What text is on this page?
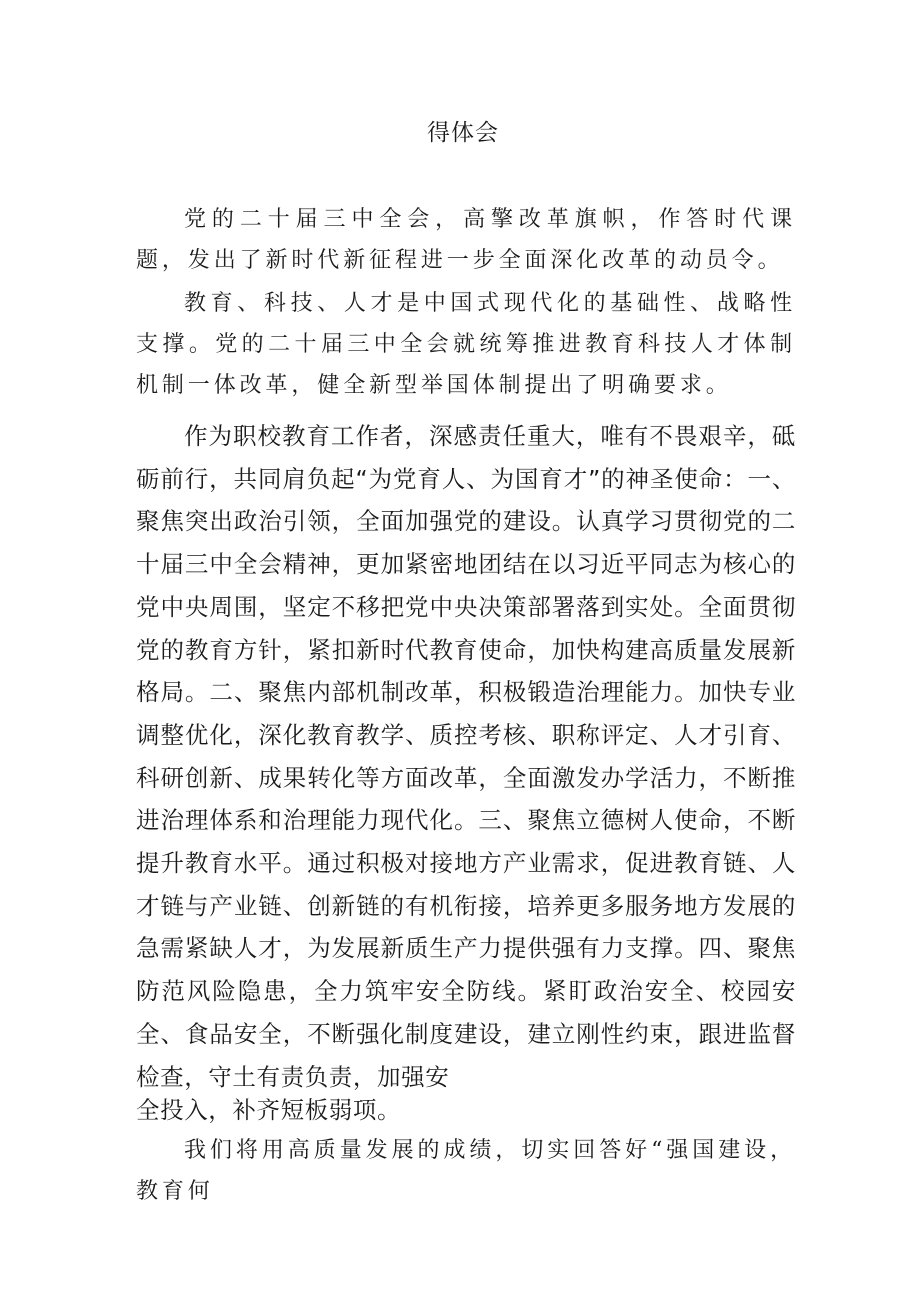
得体会

党的二十届三中全会，高擎改革旗帜，作答时代课题，发出了新时代新征程进一步全面深化改革的动员令。

教育、科技、人才是中国式现代化的基础性、战略性支撑。党的二十届三中全会就统筹推进教育科技人才体制机制一体改革，健全新型举国体制提出了明确要求。

作为职校教育工作者，深感责任重大，唯有不畏艰辛，砥砺前行，共同肩负起“为党育人、为国育才”的神圣使命：一、聚焦突出政治引领，全面加强党的建设。认真学习贯彻党的二十届三中全会精神，更加紧密地团结在以习近平同志为核心的党中央周围，坚定不移把党中央决策部署落到实处。全面贯彻党的教育方针，紧扣新时代教育使命，加快构建高质量发展新格局。二、聚焦内部机制改革，积极锻造治理能力。加快专业调整优化，深化教育教学、质控考核、职称评定、人才引育、科研创新、成果转化等方面改革，全面激发办学活力，不断推进治理体系和治理能力现代化。三、聚焦立德树人使命，不断提升教育水平。通过积极对接地方产业需求，促进教育链、人才链与产业链、创新链的有机衔接，培养更多服务地方发展的急需紧缺人才，为发展新质生产力提供强有力支撑。四、聚焦防范风险隐患，全力筑牢安全防线。紧盯政治安全、校园安全、食品安全，不断强化制度建设，建立刚性约束，跟进监督检查，守土有责负责，加强安

全投入，补齐短板弱项。

我们将用高质量发展的成绩，切实回答好“强国建设，教育何
